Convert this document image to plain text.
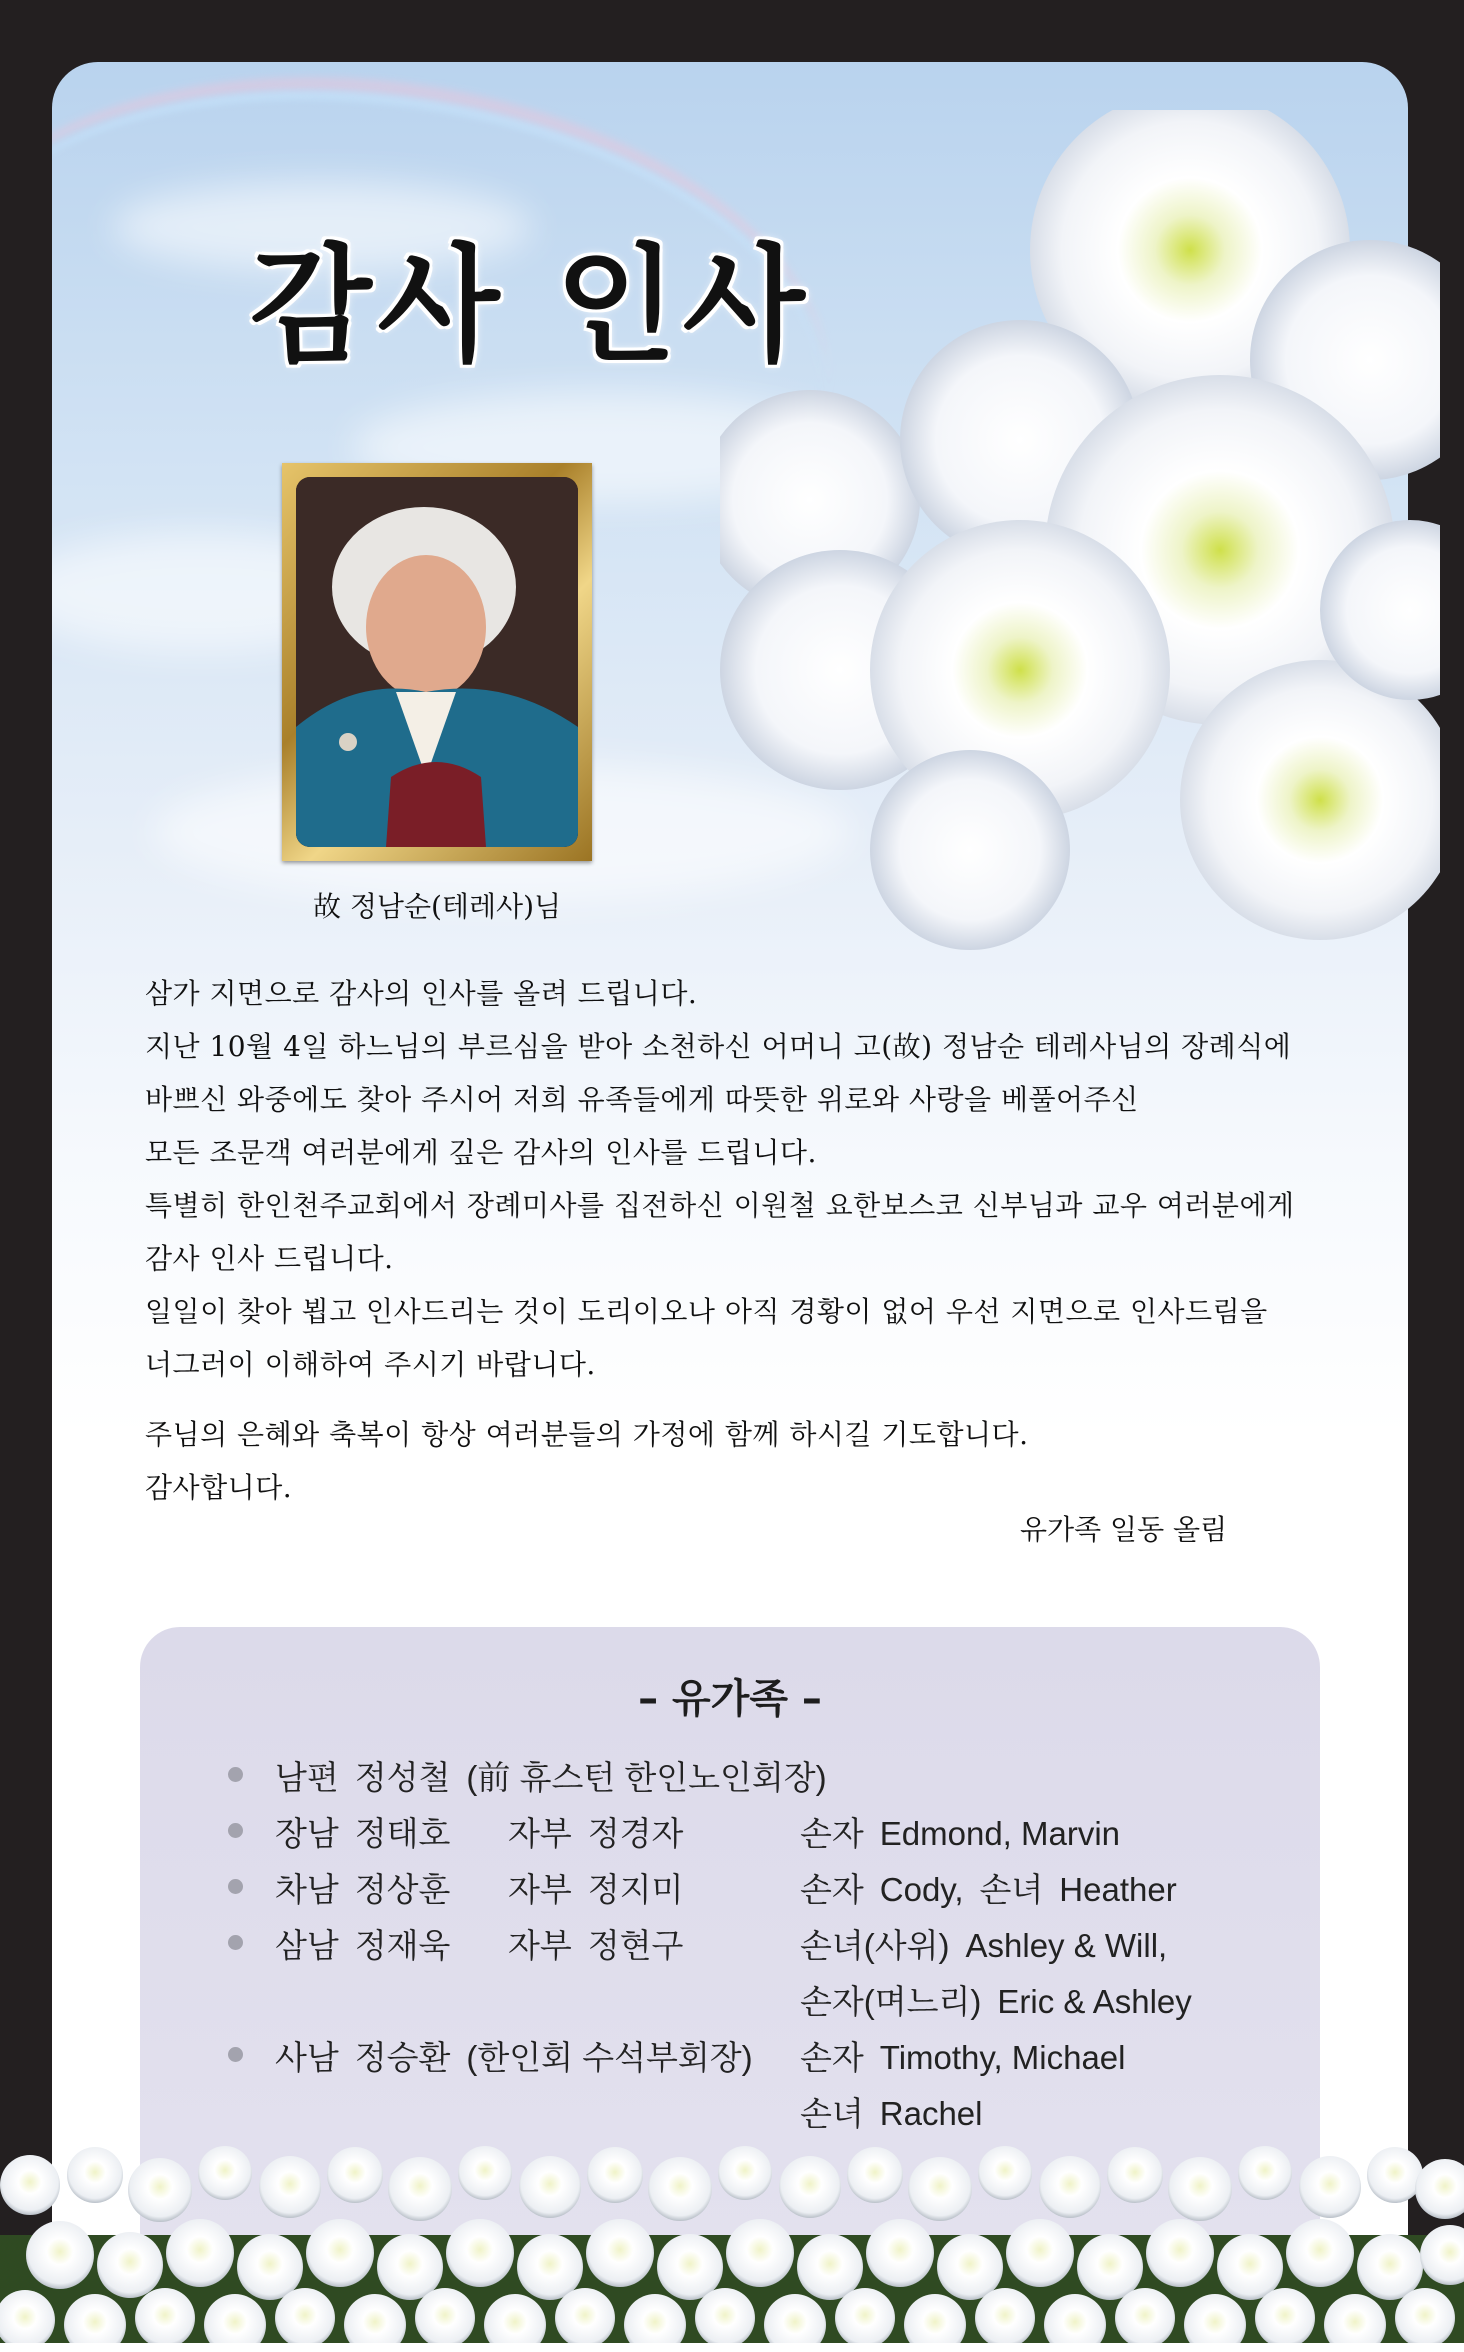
감사 인사

故 정남순(테레사)님

삼가 지면으로 감사의 인사를 올려 드립니다.

지난 10월 4일 하느님의 부르심을 받아 소천하신 어머니 고(故) 정남순 테레사님의 장례식에

바쁘신 와중에도 찾아 주시어 저희 유족들에게 따뜻한 위로와 사랑을 베풀어주신

모든 조문객 여러분에게 깊은 감사의 인사를 드립니다.

특별히 한인천주교회에서 장례미사를 집전하신 이원철 요한보스코 신부님과 교우 여러분에게

감사 인사 드립니다.

일일이 찾아 뵙고 인사드리는 것이 도리이오나 아직 경황이 없어 우선 지면으로 인사드림을

너그러이 이해하여 주시기 바랍니다.

주님의 은혜와 축복이 항상 여러분들의 가정에 함께 하시길 기도합니다.

감사합니다.

유가족 일동 올림

– 유가족 –

남편 정성철 (前 휴스턴 한인노인회장)
장남 정태호 자부 정경자	손자 Edmond, Marvin
차남 정상훈 자부 정지미	손자 Cody, 손녀 Heather
삼남 정재욱 자부 정현구	손녀(사위) Ashley & Will,
손자(며느리) Eric & Ashley
사남 정승환 (한인회 수석부회장) 손자 Timothy, Michael
손녀 Rachel
